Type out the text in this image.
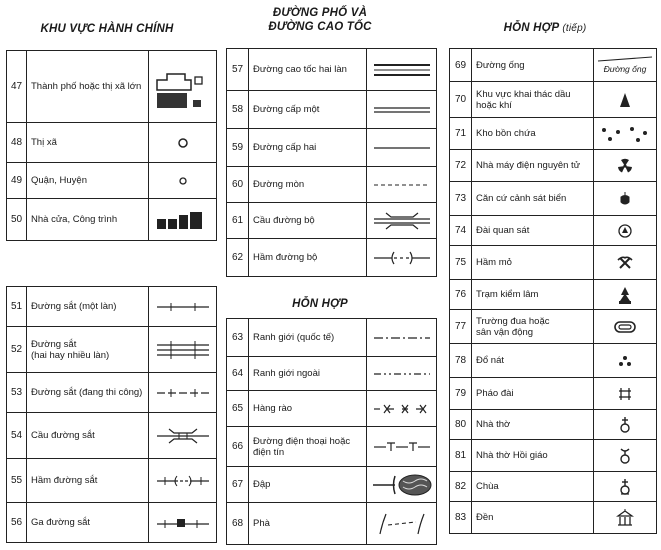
KHU VỰC HÀNH CHÍNH
ĐƯỜNG PHỐ VÀ
ĐƯỜNG CAO TỐC
HỖN HỢP
HỖN HỢP (tiếp)
47	Thành phố hoặc thị xã lớn	

48	Thị xã	

49	Quận, Huyện	

50	Nhà cửa, Công trình	
51	Đường sắt (một làn)	

52	Đường sắt
(hai hay nhiều làn)	

53	Đường sắt (đang thi công)	

54	Cầu đường sắt	

55	Hầm đường sắt	

56	Ga đường sắt	
57	Đường cao tốc hai làn	

58	Đường cấp một	

59	Đường cấp hai	

60	Đường mòn	

61	Cầu đường bộ	

62	Hầm đường bộ	
63	Ranh giới (quốc tế)	

64	Ranh giới ngoài	

65	Hàng rào	

66	Đường điện thoại hoặc
điện tín	

67	Đập	

68	Phà	
69	Đường ống	Đường ống

70	Khu vực khai thác dầu
hoặc khí	

71	Kho bồn chứa	

72	Nhà máy điện nguyên tử	

73	Căn cứ cảnh sát biển	

74	Đài quan sát	

75	Hầm mỏ	

76	Trạm kiểm lâm	

77	Trường đua hoặc
sân vận động	

78	Đổ nát	

79	Pháo đài	

80	Nhà thờ	

81	Nhà thờ Hồi giáo	

82	Chùa	

83	Đền	
